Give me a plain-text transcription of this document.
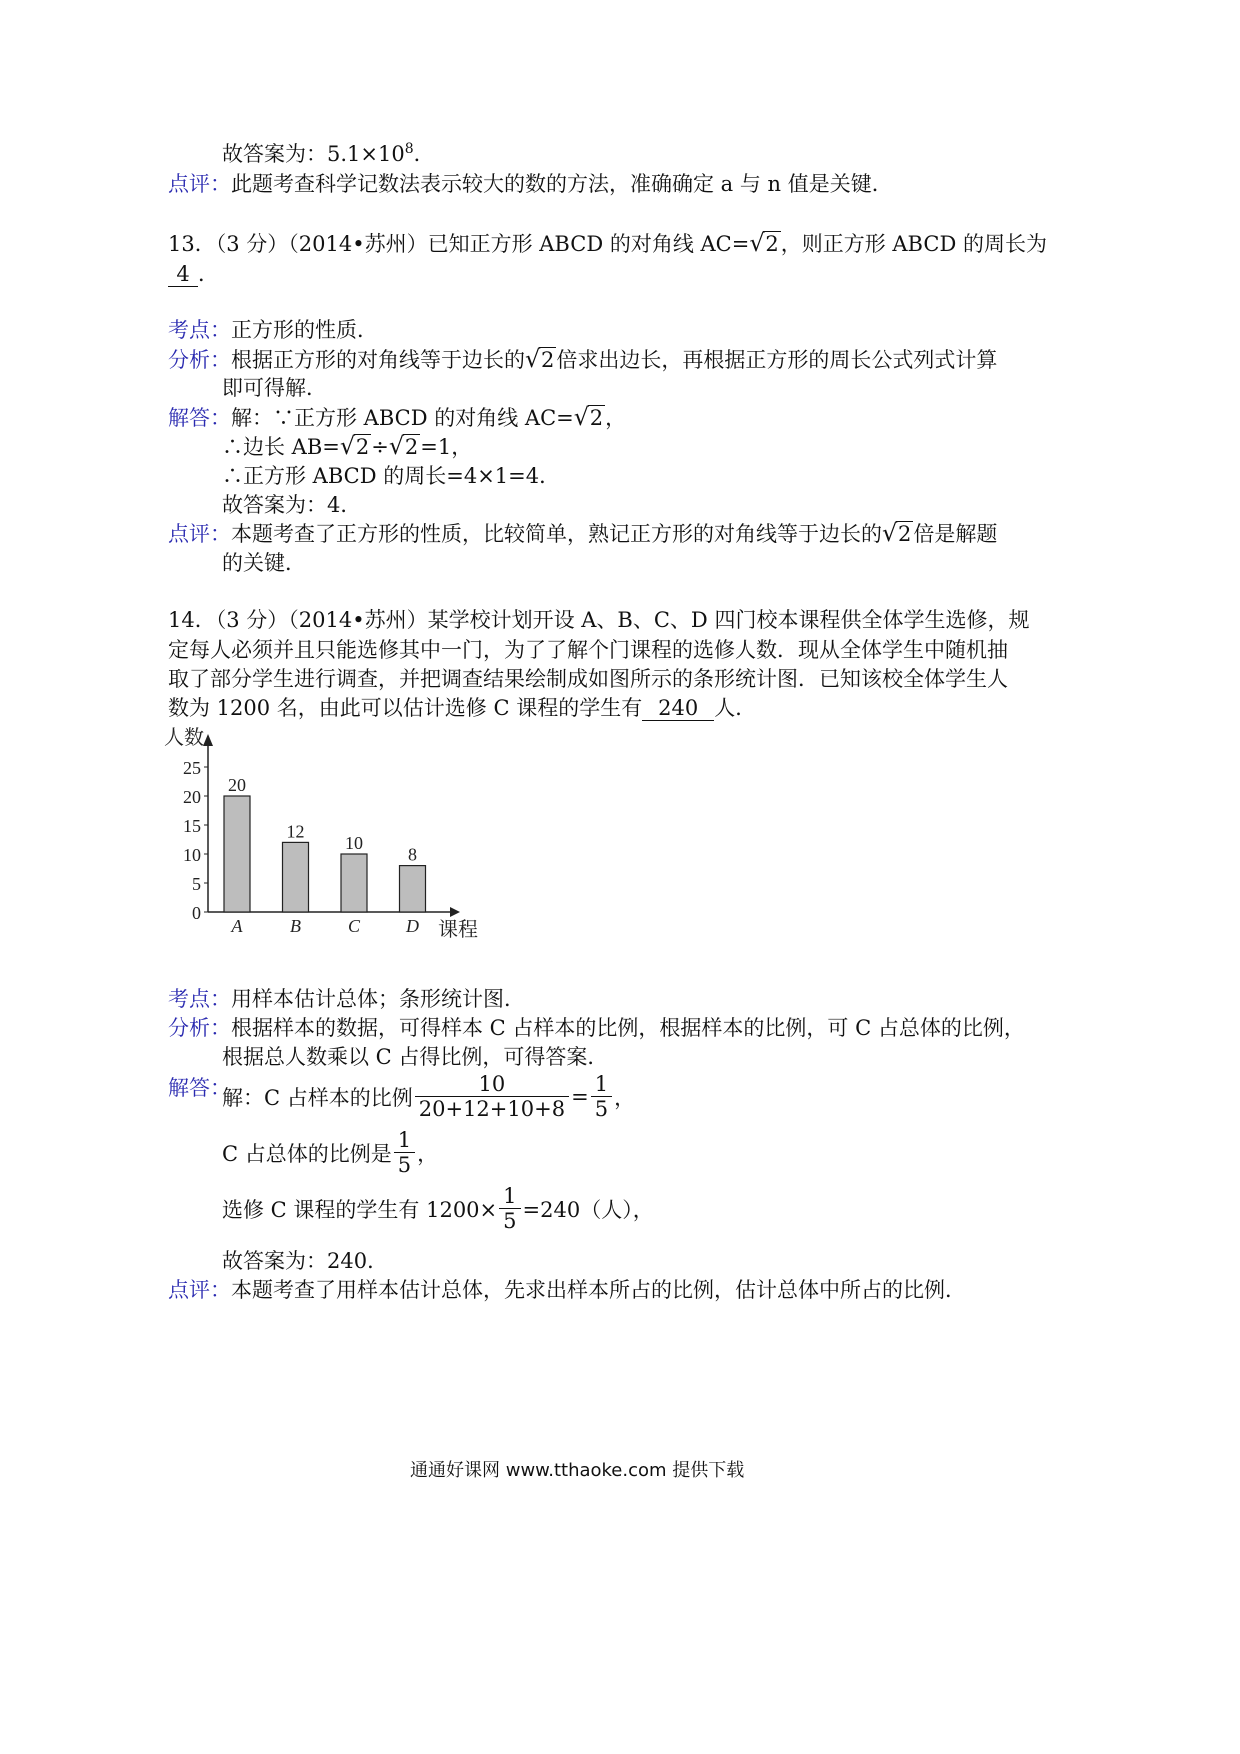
故答案为：$5.1\times 10^8$．
点评：此题考查科学记数法表示较大的数的方法，准确确定 a 与 n 值是关键．
13．（3 分）（2014•苏州）已知正方形 ABCD 的对角线 AC= √ 2，则正方形 ABCD 的周长为
4 ．
考点：正方形的性质．
分析：根据正方形的对角线等于边长的 √ 2倍求出边长，再根据正方形的周长公式列式计算
即可得解．
解答：解：∵正方形 ABCD 的对角线 AC= √ 2，
∴边长 AB= √ 2÷ √ 2=1，
∴正方形 ABCD 的周长=4×1=4．
故答案为：4．
点评：本题考查了正方形的性质，比较简单，熟记正方形的对角线等于边长的 √ 2倍是解题
的关键．
14．（3 分）（2014•苏州）某学校计划开设 A、B、C、D 四门校本课程供全体学生选修，规
定每人必须并且只能选修其中一门，为了了解个门课程的选修人数．现从全体学生中随机抽
取了部分学生进行调查，并把调查结果绘制成如图所示的条形统计图．已知该校全体学生人
数为 1200 名，由此可以估计选修 C 课程的学生有 240 人．
0
5
10
15
20
25
人数
课程
20
A
12
B
10
C
8
D
考点：用样本估计总体；条形统计图．
分析：根据样本的数据，可得样本 C 占样本的比例，根据样本的比例，可 C 占总体的比例，
根据总人数乘以 C 占得比例，可得答案．
解答：
解：C 占样本的比例 $\frac{10}{20+12+10+8} = \frac{1}{5}$ ，
C 占总体的比例是 $\frac{1}{5}$ ，
选修 C 课程的学生有 $1200\times \frac{1}{5} =240$（人），
故答案为：240．
点评：本题考查了用样本估计总体，先求出样本所占的比例，估计总体中所占的比例．
通通好课网 www.tthaoke.com 提供下载
